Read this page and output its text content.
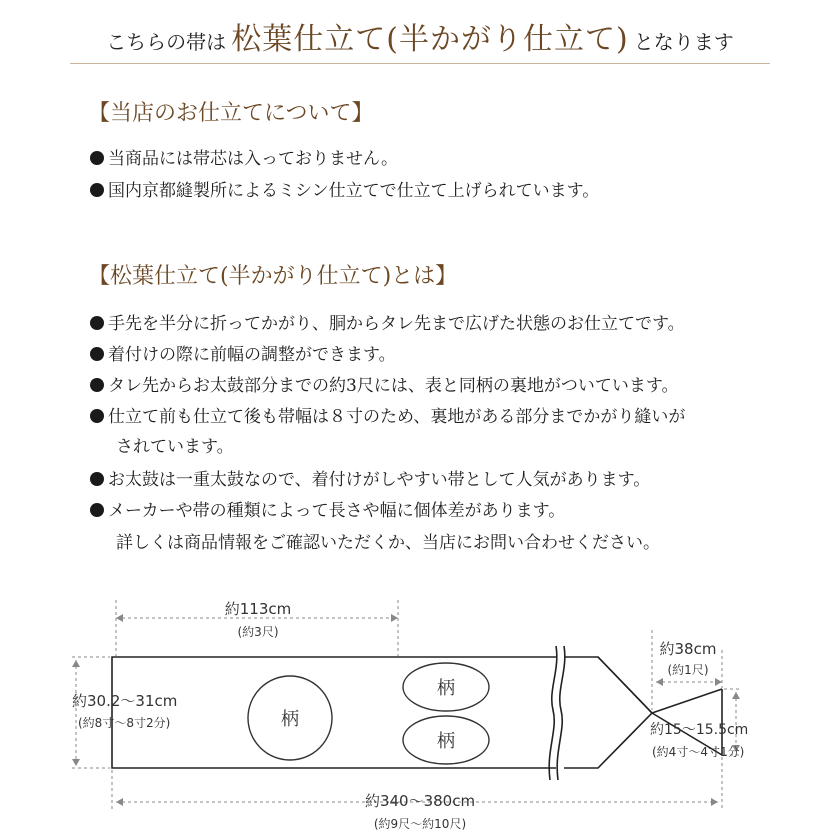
こちらの帯は 松葉仕立て(半かがり仕立て) となります
【当店のお仕立てについて】
当商品には帯芯は入っておりません。
国内京都縫製所によるミシン仕立てで仕立て上げられています。
【松葉仕立て(半かがり仕立て)とは】
手先を半分に折ってかがり、胴からタレ先まで広げた状態のお仕立てです。
着付けの際に前幅の調整ができます。
タレ先からお太鼓部分までの約3尺には、表と同柄の裏地がついています。
仕立て前も仕立て後も帯幅は８寸のため、裏地がある部分までかがり縫いが
されています。
お太鼓は一重太鼓なので、着付けがしやすい帯として人気があります。
メーカーや帯の種類によって長さや幅に個体差があります。
詳しくは商品情報をご確認いただくか、当店にお問い合わせください。
柄
柄
柄
約113cm
(約3尺)
約30.2〜31cm
(約8寸〜8寸2分)
約38cm
(約1尺)
約15〜15.5cm
(約4寸〜4寸1分)
約340〜380cm
(約9尺〜約10尺)
